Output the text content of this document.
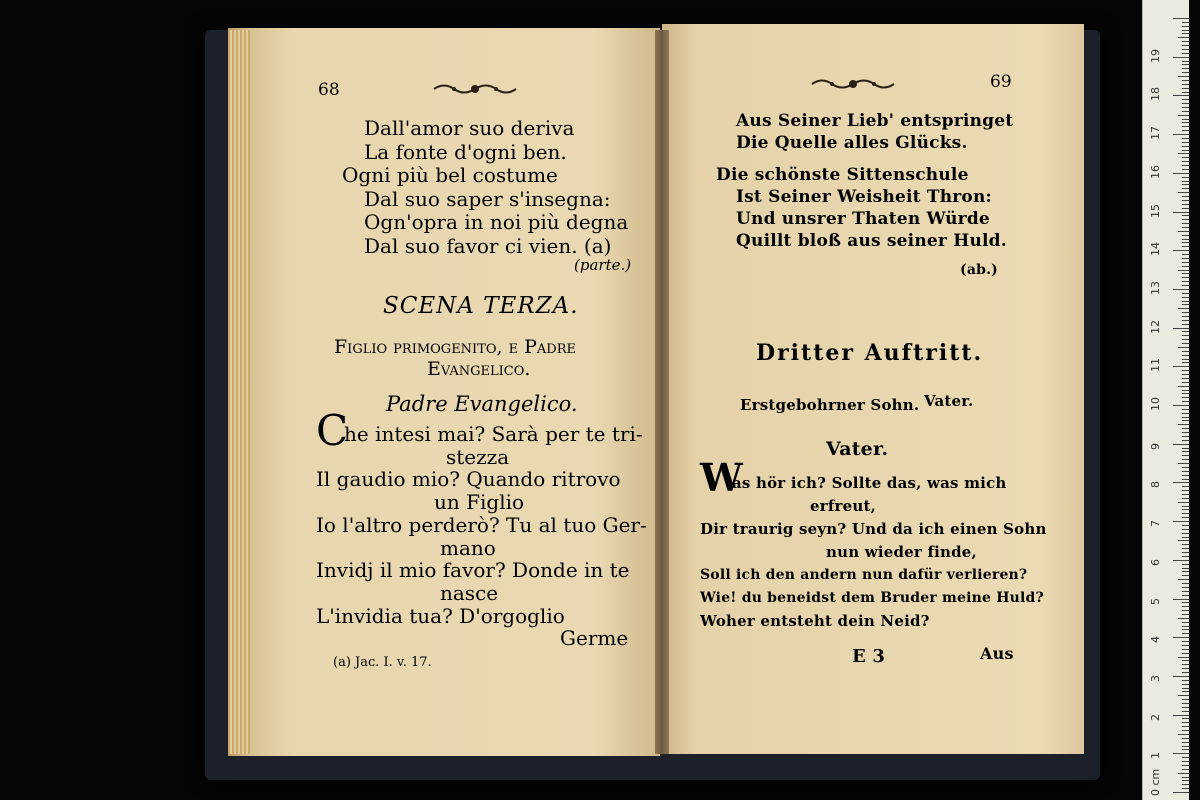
68
Dall'amor suo deriva
La fonte d'ogni ben.
Ogni più bel costume
Dal suo saper s'insegna:
Ogn'opra in noi più degna
Dal suo favor ci vien. (a)
(parte.)
SCENA TERZA.
Figlio primogenito, e Padre
Evangelico.
Padre Evangelico.
C
he intesi mai? Sarà per te tri-
stezza
Il gaudio mio? Quando ritrovo
un Figlio
Io l'altro perderò? Tu al tuo Ger-
mano
Invidj il mio favor? Donde in te
nasce
L'invidia tua? D'orgoglio
Germe
(a) Jac. I. v. 17.
69
Aus Seiner Lieb' entspringet
Die Quelle alles Glücks.
Die schönste Sittenschule
Ist Seiner Weisheit Thron:
Und unsrer Thaten Würde
Quillt bloß aus seiner Huld.
(ab.)
Dritter Auftritt.
Erstgebohrner Sohn. Vater.
Vater.
W
as hör ich? Sollte das, was mich
erfreut,
Dir traurig seyn? Und da ich einen Sohn
nun wieder finde,
Soll ich den andern nun dafür verlieren?
Wie! du beneidst dem Bruder meine Huld?
Woher entsteht dein Neid?
E 3	Aus
0 cm
1
2
3
4
5
6
7
8
9
10
11
12
13
14
15
16
17
18
19
